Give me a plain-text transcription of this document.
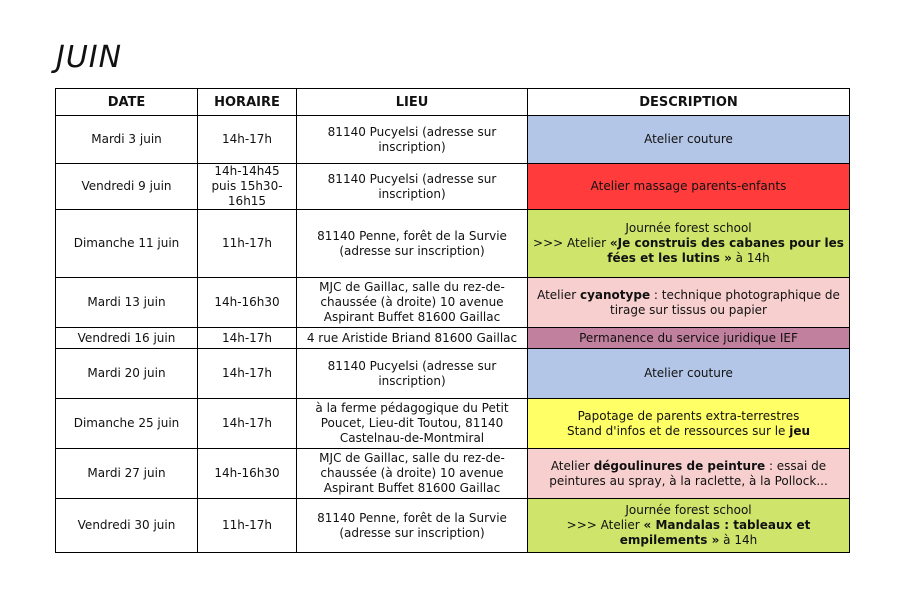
JUIN
DATE	HORAIRE	LIEU	DESCRIPTION
Mardi 3 juin	14h-17h	81140 Pucyelsi (adresse sur inscription)	Atelier couture

Vendredi 9 juin	14h-14h45 puis 15h30-16h15	81140 Pucyelsi (adresse sur inscription)	Atelier massage parents-enfants

Dimanche 11 juin	11h-17h	81140 Penne, forêt de la Survie (adresse sur inscription)	Journée forest school
>>> Atelier «Je construis des cabanes pour les fées et les lutins » à 14h

Mardi 13 juin	14h-16h30	MJC de Gaillac, salle du rez-de-chaussée (à droite) 10 avenue Aspirant Buffet 81600 Gaillac	Atelier cyanotype : technique photographique de tirage sur tissus ou papier

Vendredi 16 juin	14h-17h	4 rue Aristide Briand 81600 Gaillac	Permanence du service juridique IEF

Mardi 20 juin	14h-17h	81140 Pucyelsi (adresse sur inscription)	Atelier couture

Dimanche 25 juin	14h-17h	à la ferme pédagogique du Petit Poucet, Lieu-dit Toutou, 81140 Castelnau-de-Montmiral	Papotage de parents extra-terrestres
Stand d'infos et de ressources sur le jeu

Mardi 27 juin	14h-16h30	MJC de Gaillac, salle du rez-de-chaussée (à droite) 10 avenue Aspirant Buffet 81600 Gaillac	Atelier dégoulinures de peinture : essai de peintures au spray, à la raclette, à la Pollock...

Vendredi 30 juin	11h-17h	81140 Penne, forêt de la Survie (adresse sur inscription)	Journée forest school
>>> Atelier « Mandalas : tableaux et empilements » à 14h
